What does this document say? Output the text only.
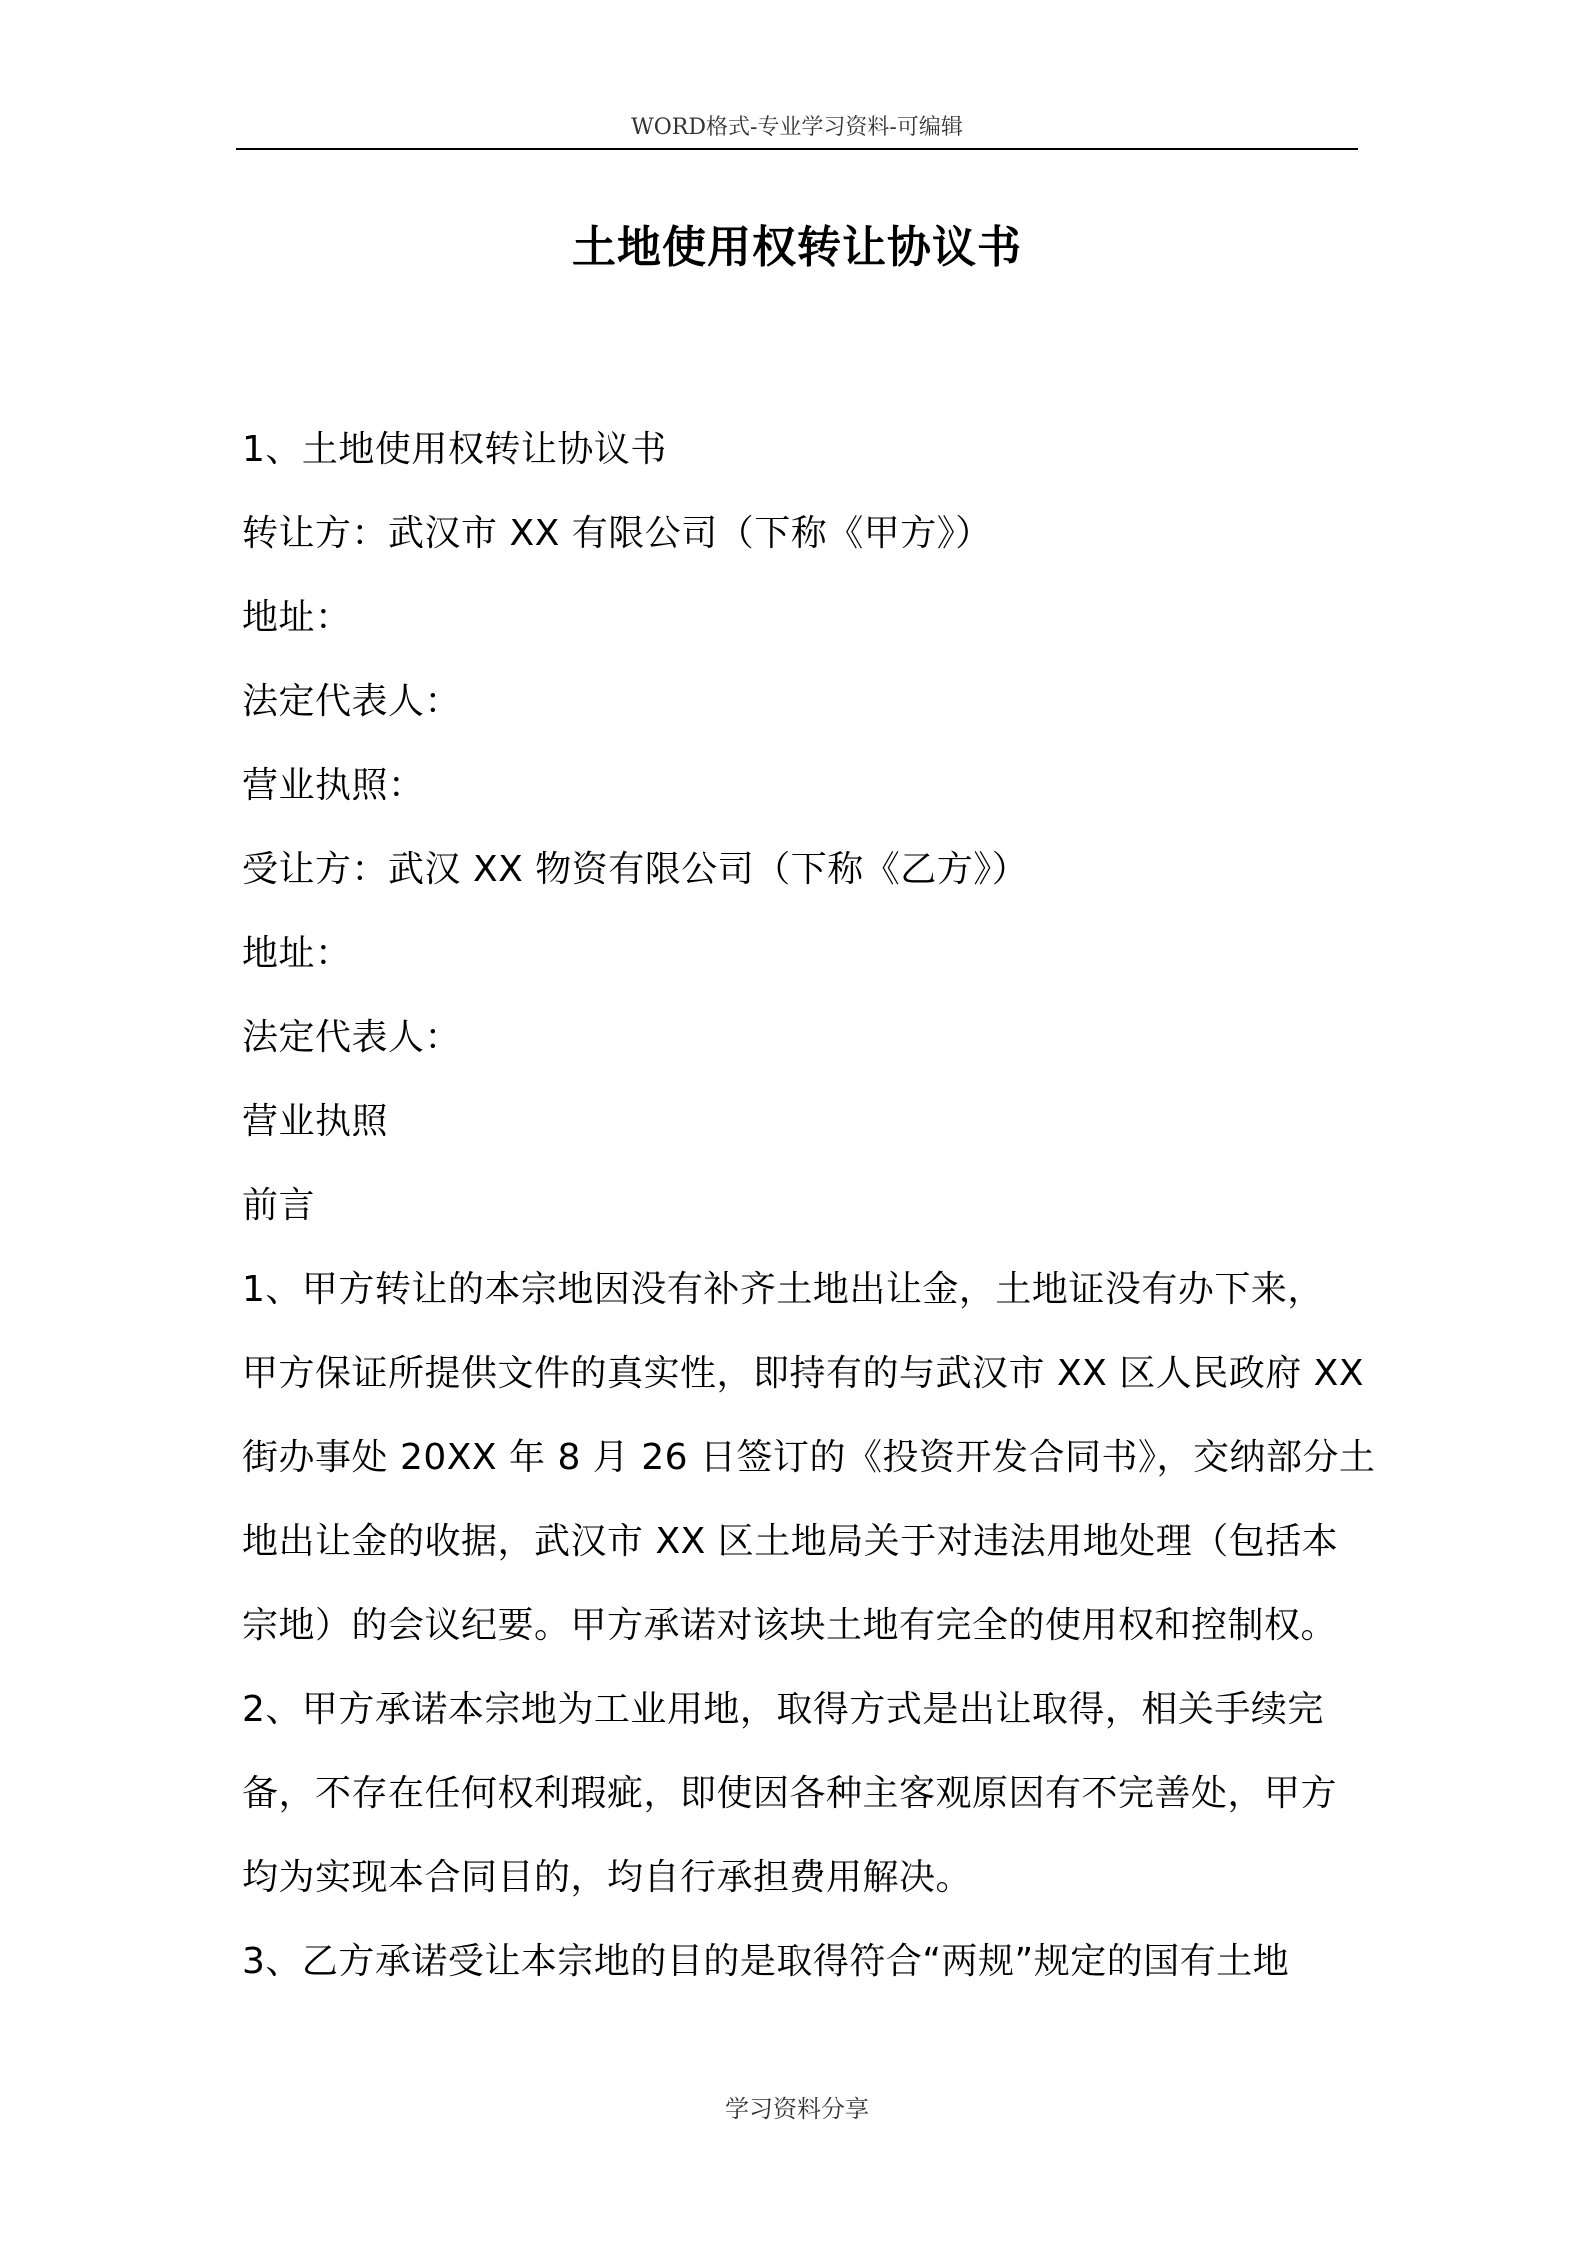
WORD格式-专业学习资料-可编辑
土地使用权转让协议书
1、土地使用权转让协议书
转让方：武汉市 XX 有限公司（下称《甲方》）
地址：
法定代表人：
营业执照：
受让方：武汉 XX 物资有限公司（下称《乙方》）
地址：
法定代表人：
营业执照
前言
1、甲方转让的本宗地因没有补齐土地出让金，土地证没有办下来，
甲方保证所提供文件的真实性，即持有的与武汉市 XX 区人民政府 XX
街办事处 20XX 年 8 月 26 日签订的《投资开发合同书》，交纳部分土
地出让金的收据，武汉市 XX 区土地局关于对违法用地处理（包括本
宗地）的会议纪要。甲方承诺对该块土地有完全的使用权和控制权。
2、甲方承诺本宗地为工业用地，取得方式是出让取得，相关手续完
备，不存在任何权利瑕疵，即使因各种主客观原因有不完善处，甲方
均为实现本合同目的，均自行承担费用解决。
3、乙方承诺受让本宗地的目的是取得符合“两规”规定的国有土地
学习资料分享
